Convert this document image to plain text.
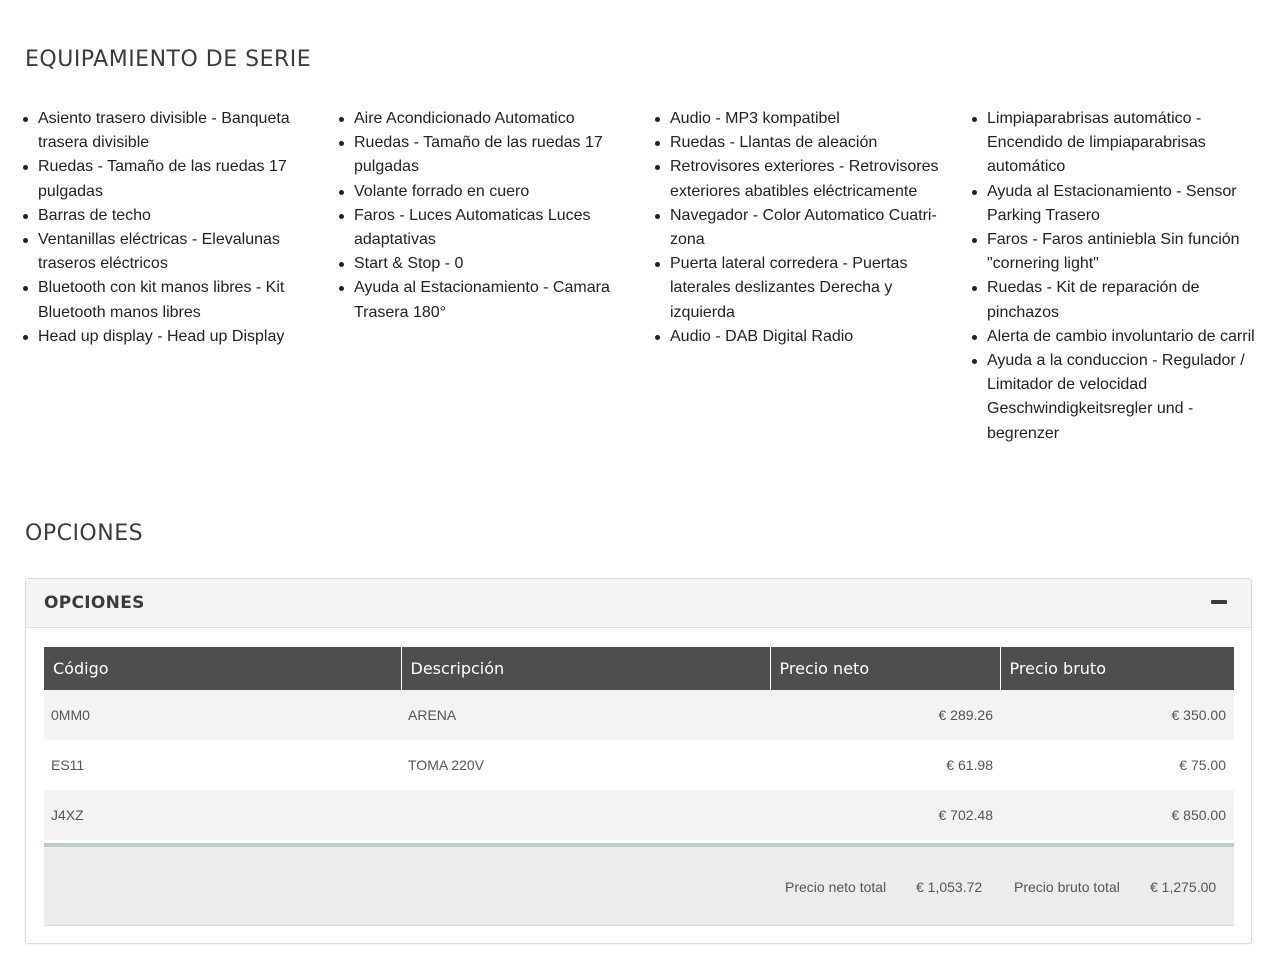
EQUIPAMIENTO DE SERIE
Asiento trasero divisible - Banqueta trasera divisible
Ruedas - Tamaño de las ruedas 17 pulgadas
Barras de techo
Ventanillas eléctricas - Elevalunas traseros eléctricos
Bluetooth con kit manos libres - Kit Bluetooth manos libres
Head up display - Head up Display
Aire Acondicionado Automatico
Ruedas - Tamaño de las ruedas 17 pulgadas
Volante forrado en cuero
Faros - Luces Automaticas Luces adaptativas
Start & Stop - 0
Ayuda al Estacionamiento - Camara Trasera 180°
Audio - MP3 kompatibel
Ruedas - Llantas de aleación
Retrovisores exteriores - Retrovisores exteriores abatibles eléctricamente
Navegador - Color Automatico Cuatri-zona
Puerta lateral corredera - Puertas laterales deslizantes Derecha y izquierda
Audio - DAB Digital Radio
Limpiaparabrisas automático - Encendido de limpiaparabrisas automático
Ayuda al Estacionamiento - Sensor Parking Trasero
Faros - Faros antiniebla Sin función "cornering light"
Ruedas - Kit de reparación de pinchazos
Alerta de cambio involuntario de carril
Ayuda a la conduccion - Regulador / Limitador de velocidad Geschwindigkeitsregler und -begrenzer
OPCIONES
OPCIONES
Código	Descripción	Precio neto	Precio bruto
0MM0	ARENA	€ 289.26	€ 350.00
ES11	TOMA 220V	€ 61.98	€ 75.00
J4XZ		€ 702.48	€ 850.00
Precio neto total € 1,053.72 Precio bruto total € 1,275.00
